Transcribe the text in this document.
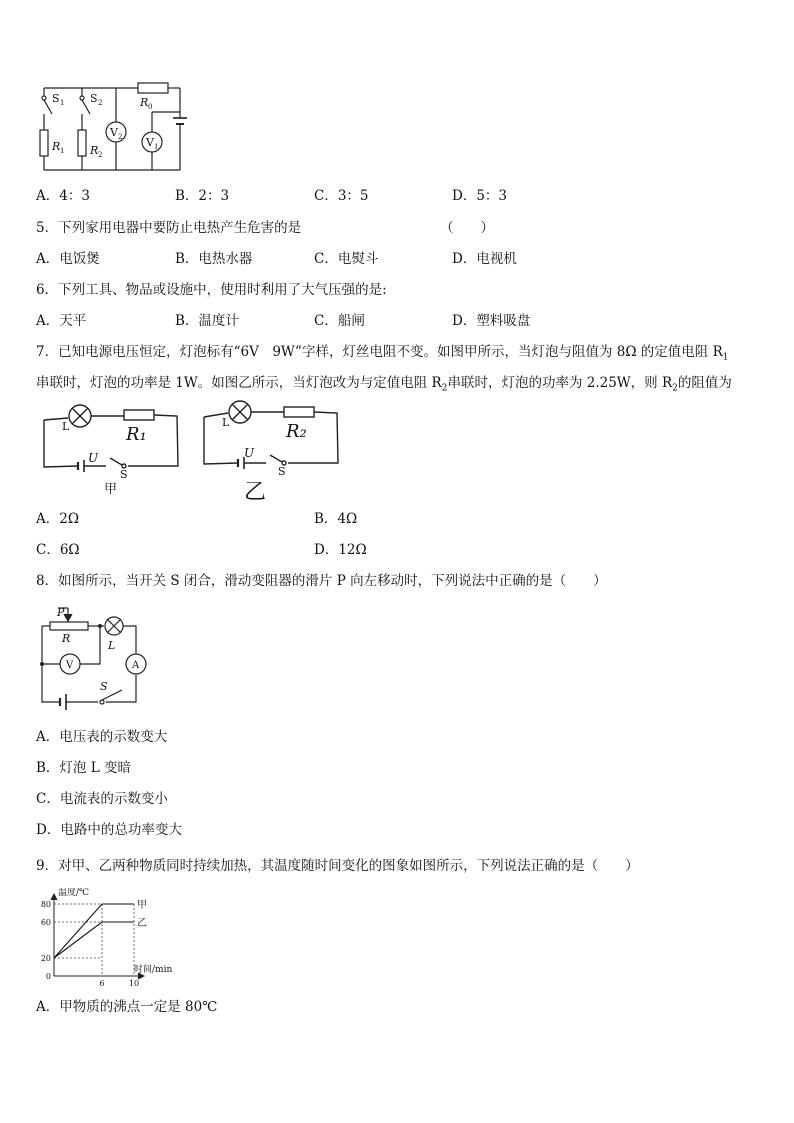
S 1 S 2	R 0
R 1 R 2
V 2 V 1
A．4：3	B．2：3	C．3：5	D．5：3
5．下列家用电器中要防止电热产生危害的是	（　　）
A．电饭煲	B．电热水器	C．电熨斗	D．电视机
6．下列工具、物品或设施中，使用时利用了大气压强的是:
A．天平	B．温度计	C．船闸	D．塑料吸盘
7．已知电源电压恒定，灯泡标有“6V　9W”字样，灯丝电阻不变。如图甲所示，当灯泡与阻值为 8Ω 的定值电阻 $R_1$
串联时，灯泡的功率是 1W。如图乙所示，当灯泡改为与定值电阻 $R_2$串联时，灯泡的功率为 2.25W，则 $R_2$的阻值为
L	R₁
U
S
甲
L	R₂
U
S
乙
A．2Ω	B．4Ω
C．6Ω	D．12Ω
8．如图所示，当开关 S 闭合，滑动变阻器的滑片 P 向左移动时，下列说法中正确的是（　　）
P
R
L
S
V	A
A．电压表的示数变大
B．灯泡 L 变暗
C．电流表的示数变小
D．电路中的总功率变大
9．对甲、乙两种物质同时持续加热，其温度随时间变化的图象如图所示，下列说法正确的是（　　）
甲
乙
0
20
60
80
6	10
温度/℃
时间/min
A．甲物质的沸点一定是 80℃
